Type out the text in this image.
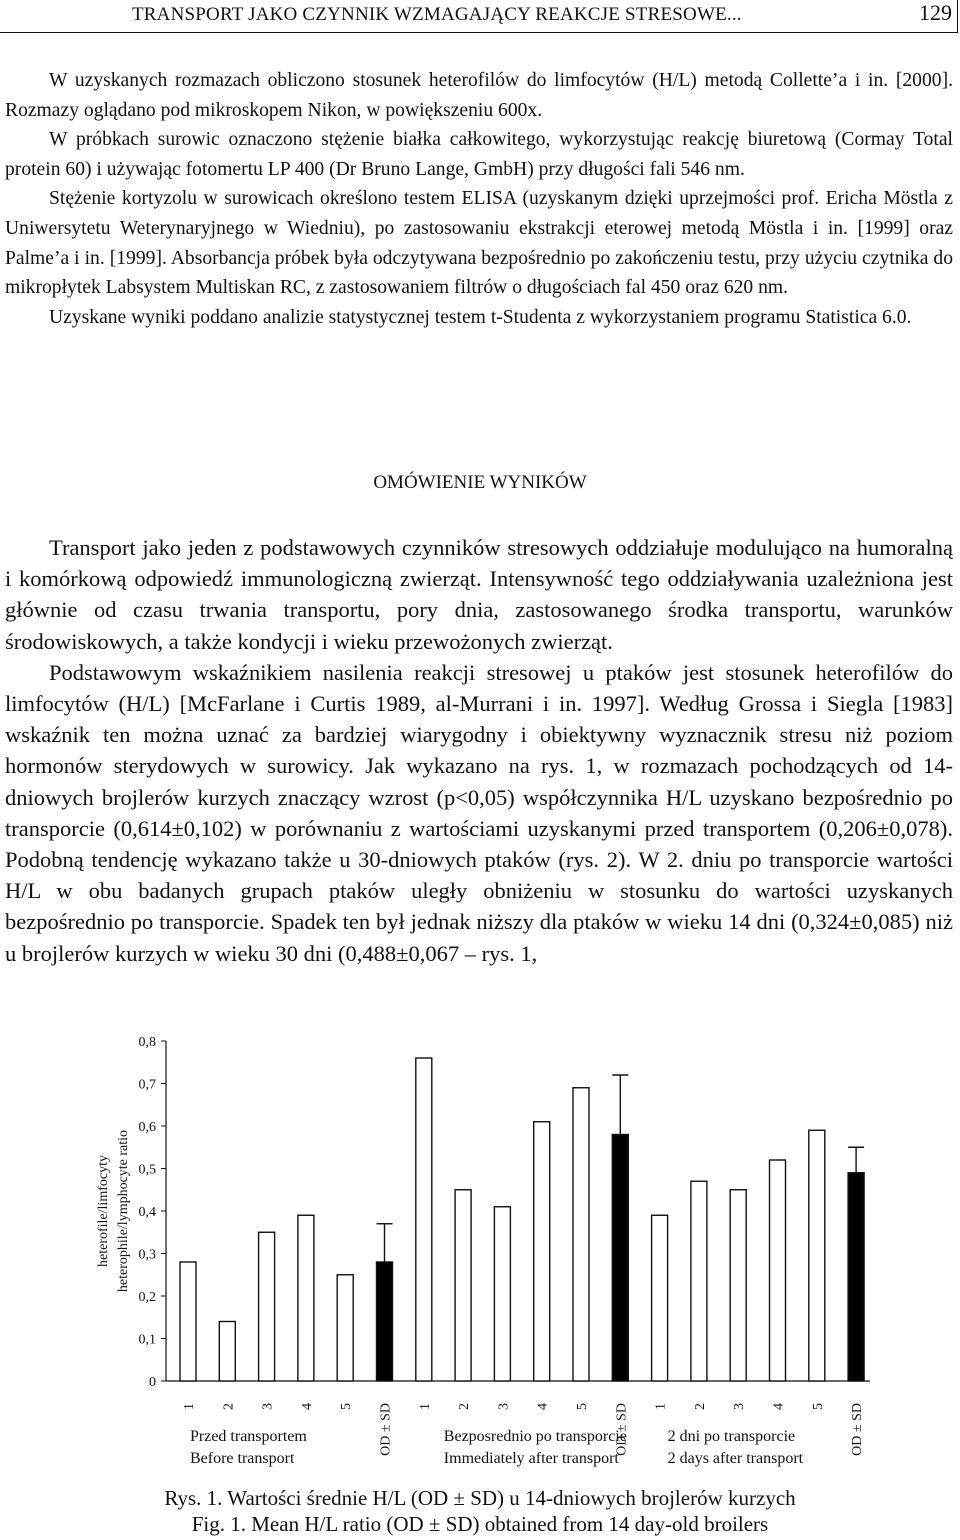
TRANSPORT JAKO CZYNNIK WZMAGAJĄCY REAKCJE STRESOWE...	129

W uzyskanych rozmazach obliczono stosunek heterofilów do limfocytów (H/L) metodą Collette’a i in. [2000]. Rozmazy oglądano pod mikroskopem Nikon, w powiększeniu 600x.

W próbkach surowic oznaczono stężenie białka całkowitego, wykorzystując reakcję biuretową (Cormay Total protein 60) i używając fotomertu LP 400 (Dr Bruno Lange, GmbH) przy długości fali 546 nm.

Stężenie kortyzolu w surowicach określono testem ELISA (uzyskanym dzięki uprzejmości prof. Ericha Möstla z Uniwersytetu Weterynaryjnego w Wiedniu), po zastosowaniu ekstrakcji eterowej metodą Möstla i in. [1999] oraz Palme’a i in. [1999]. Absorbancja próbek była odczytywana bezpośrednio po zakończeniu testu, przy użyciu czytnika do mikropłytek Labsystem Multiskan RC, z zastosowaniem filtrów o długościach fal 450 oraz 620 nm.

Uzyskane wyniki poddano analizie statystycznej testem t-Studenta z wykorzystaniem programu Statistica 6.0.

OMÓWIENIE WYNIKÓW

Transport jako jeden z podstawowych czynników stresowych oddziałuje modulująco na humoralną i komórkową odpowiedź immunologiczną zwierząt. Intensywność tego oddziaływania uzależniona jest głównie od czasu trwania transportu, pory dnia, zastosowanego środka transportu, warunków środowiskowych, a także kondycji i wieku przewożonych zwierząt.

Podstawowym wskaźnikiem nasilenia reakcji stresowej u ptaków jest stosunek heterofilów do limfocytów (H/L) [McFarlane i Curtis 1989, al-Murrani i in. 1997]. Według Grossa i Siegla [1983] wskaźnik ten można uznać za bardziej wiarygodny i obiektywny wyznacznik stresu niż poziom hormonów sterydowych w surowicy. Jak wykazano na rys. 1, w rozmazach pochodzących od 14-dniowych brojlerów kurzych znaczący wzrost (p<0,05) współczynnika H/L uzyskano bezpośrednio po transporcie (0,614±0,102) w porównaniu z wartościami uzyskanymi przed transportem (0,206±0,078). Podobną tendencję wykazano także u 30-dniowych ptaków (rys. 2). W 2. dniu po transporcie wartości H/L w obu badanych grupach ptaków uległy obniżeniu w stosunku do wartości uzyskanych bezpośrednio po transporcie. Spadek ten był jednak niższy dla ptaków w wieku 14 dni (0,324±0,085) niż u brojlerów kurzych w wieku 30 dni (0,488±0,067 – rys. 1,

0
0,1
0,2
0,3
0,4
0,5
0,6
0,7
0,8
heterofile/limfocyty heterophile/lymphocyte ratio
1 2 3 4 5 OD ± SD
Przed transportem
Before transport
1 2 3 4 5 OD ± SD
Bezposrednio po transporcie
Immediately after transport
1 2 3 4 5 OD ± SD
2 dni po transporcie
2 days after transport
Rys. 1. Wartości średnie H/L (OD ± SD) u 14-dniowych brojlerów kurzych
Fig. 1. Mean H/L ratio (OD ± SD) obtained from 14 day-old broilers
